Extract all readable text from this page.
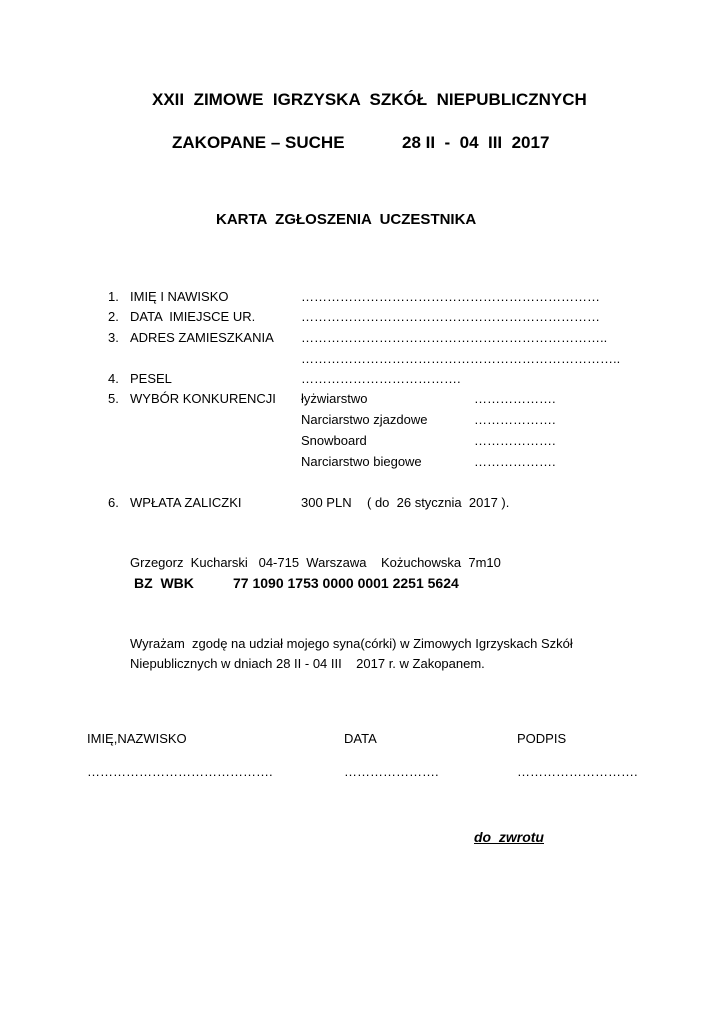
XXII  ZIMOWE  IGRZYSKA  SZKÓŁ  NIEPUBLICZNYCH
ZAKOPANE – SUCHE	28 II  -  04  III  2017
KARTA  ZGŁOSZENIA  UCZESTNIKA
1. IMIĘ I NAWISKO	……………………………………………………………
2. DATA  IMIEJSCE UR.	……………………………………………………………
3. ADRES ZAMIESZKANIA ……………………………………………………………..
………………………………………………………………..
4. PESEL	……………………………….
5. WYBÓR KONKURENCJI łyżwiarstwo	……………….
Narciarstwo zjazdowe	……………….
Snowboard	……………….
Narciarstwo biegowe	……………….
6. WPŁATA ZALICZKI	300 PLN ( do  26 stycznia  2017 ).
Grzegorz  Kucharski   04-715  Warszawa    Kożuchowska  7m10
BZ  WBK	77 1090 1753 0000 0001 2251 5624
Wyrażam  zgodę na udział mojego syna(córki) w Zimowych Igrzyskach Szkół
Niepublicznych w dniach 28 II - 04 III    2017 r. w Zakopanem.
IMIĘ,NAZWISKO	DATA	PODPIS
…………………………………….	………………….	……………………….
do  zwrotu
